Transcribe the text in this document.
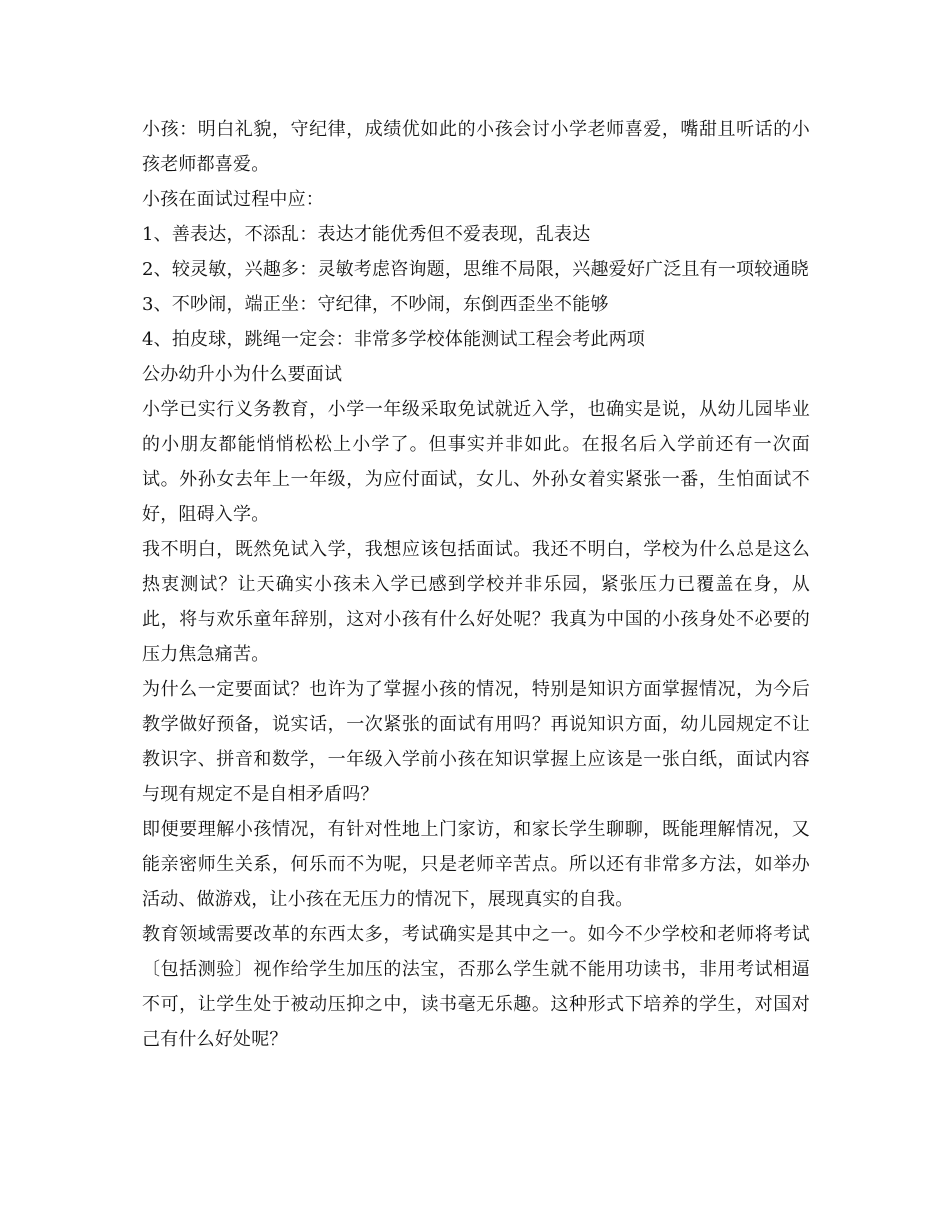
小孩：明白礼貌，守纪律，成绩优如此的小孩会讨小学老师喜爱，嘴甜且听话的小孩老师都喜爱。

小孩在面试过程中应：

1、善表达，不添乱：表达才能优秀但不爱表现，乱表达

2、较灵敏，兴趣多：灵敏考虑咨询题，思维不局限，兴趣爱好广泛且有一项较通晓

3、不吵闹，端正坐：守纪律，不吵闹，东倒西歪坐不能够

4、拍皮球，跳绳一定会：非常多学校体能测试工程会考此两项

公办幼升小为什么要面试

小学已实行义务教育，小学一年级采取免试就近入学，也确实是说，从幼儿园毕业的小朋友都能悄悄松松上小学了。但事实并非如此。在报名后入学前还有一次面试。外孙女去年上一年级，为应付面试，女儿、外孙女着实紧张一番，生怕面试不好，阻碍入学。

我不明白，既然免试入学，我想应该包括面试。我还不明白，学校为什么总是这么热衷测试？让天确实小孩未入学已感到学校并非乐园，紧张压力已覆盖在身，从此，将与欢乐童年辞别，这对小孩有什么好处呢？我真为中国的小孩身处不必要的压力焦急痛苦。

为什么一定要面试？也许为了掌握小孩的情况，特别是知识方面掌握情况，为今后教学做好预备，说实话，一次紧张的面试有用吗？再说知识方面，幼儿园规定不让教识字、拼音和数学，一年级入学前小孩在知识掌握上应该是一张白纸，面试内容与现有规定不是自相矛盾吗？

即便要理解小孩情况，有针对性地上门家访，和家长学生聊聊，既能理解情况，又能亲密师生关系，何乐而不为呢，只是老师辛苦点。所以还有非常多方法，如举办活动、做游戏，让小孩在无压力的情况下，展现真实的自我。

教育领域需要改革的东西太多，考试确实是其中之一。如今不少学校和老师将考试〔包括测验〕视作给学生加压的法宝，否那么学生就不能用功读书，非用考试相逼不可，让学生处于被动压抑之中，读书毫无乐趣。这种形式下培养的学生，对国对己有什么好处呢？
